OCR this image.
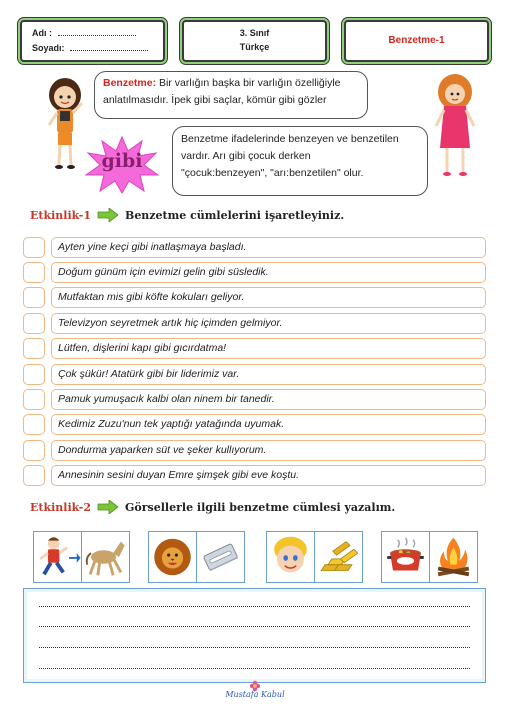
Adı :
Soyadı:
3. Sınıf
Türkçe
Benzetme-1
Benzetme: Bir varlığın başka bir varlığın özelliğiyle
anlatılmasıdır. İpek gibi saçlar, kömür gibi gözler
Benzetme ifadelerinde benzeyen ve benzetilen
vardır. Arı gibi çocuk derken
"çocuk:benzeyen", "arı:benzetilen" olur.
gibi
Etkinlik-1	Benzetme cümlelerini işaretleyiniz.
Ayten yine keçi gibi inatlaşmaya başladı.
Doğum günüm için evimizi gelin gibi süsledik.
Mutfaktan mis gibi köfte kokuları geliyor.
Televizyon seyretmek artık hiç içimden gelmiyor.
Lütfen, dişlerini kapı gibi gıcırdatma!
Çok şükür! Atatürk gibi bir liderimiz var.
Pamuk yumuşacık kalbi olan ninem bir tanedir.
Kedimiz Zuzu'nun tek yaptığı yatağında uyumak.
Dondurma yaparken süt ve şeker kullıyorum.
Annesinin sesini duyan Emre şimşek gibi eve koştu.
Etkinlik-2	Görsellerle ilgili benzetme cümlesi yazalım.
Mustafa Kabul
